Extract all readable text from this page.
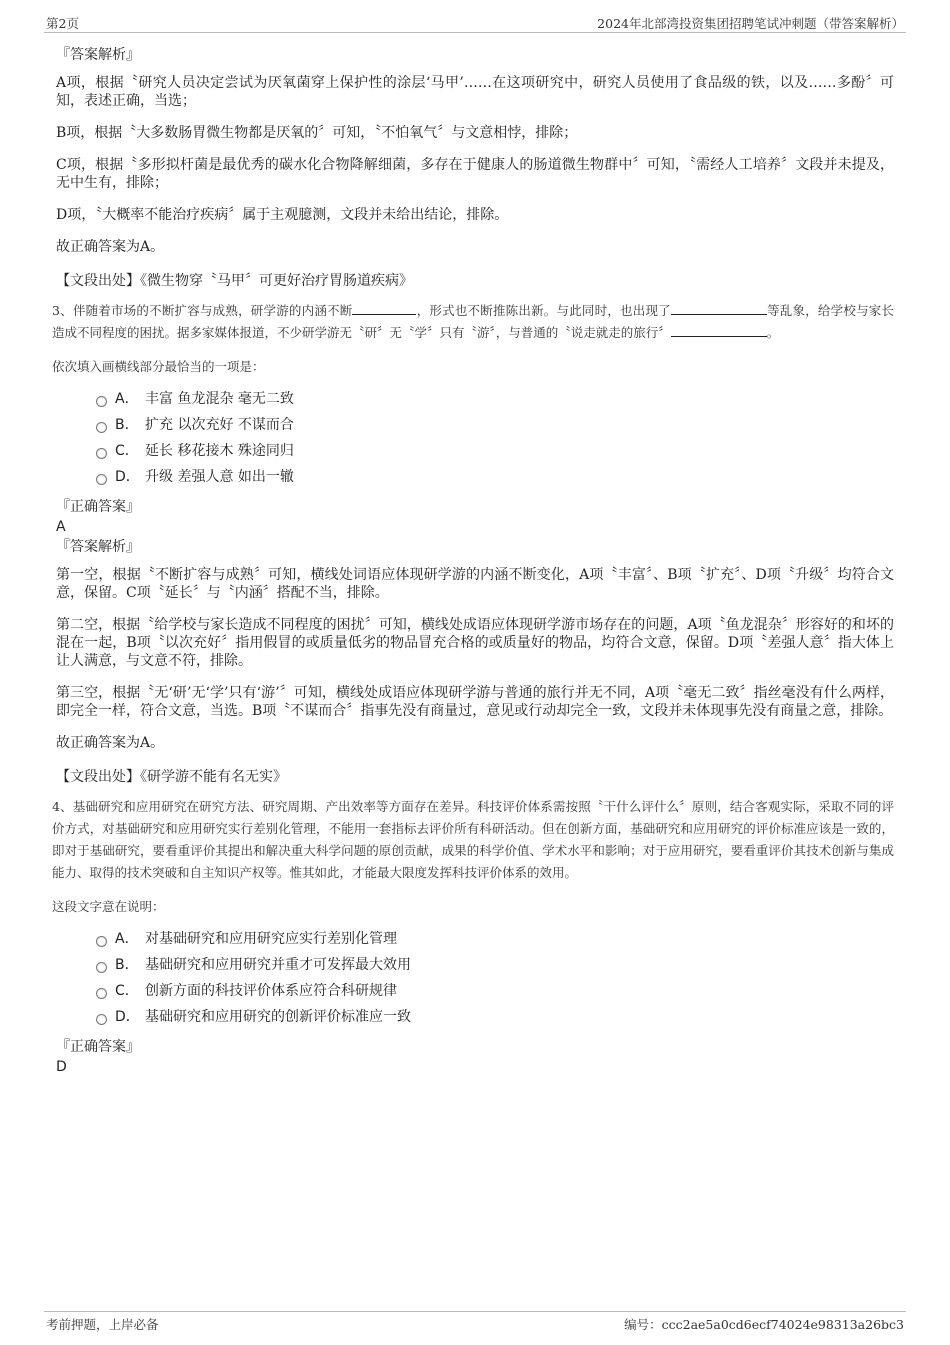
第2页	2024年北部湾投资集团招聘笔试冲刺题（带答案解析）
『答案解析』

A项，根据〝研究人员决定尝试为厌氧菌穿上保护性的涂层‘马甲’……在这项研究中，研究人员使用了食品级的铁，以及……多酚〞可知，表述正确，当选；

B项，根据〝大多数肠胃微生物都是厌氧的〞可知，〝不怕氧气〞与文意相悖，排除；

C项，根据〝多形拟杆菌是最优秀的碳水化合物降解细菌，多存在于健康人的肠道微生物群中〞可知，〝需经人工培养〞文段并未提及，无中生有，排除；

D项，〝大概率不能治疗疾病〞属于主观臆测，文段并未给出结论，排除。

故正确答案为A。

【文段出处】《微生物穿〝马甲〞可更好治疗胃肠道疾病》

3、伴随着市场的不断扩容与成熟，研学游的内涵不断	，形式也不断推陈出新。与此同时，也出现了	等乱象，给学校与家长造成不同程度的困扰。据多家媒体报道，不少研学游无〝研〞无〝学〞只有〝游〞，与普通的〝说走就走的旅行〞	。

依次填入画横线部分最恰当的一项是：

A． 丰富 鱼龙混杂 毫无二致
B． 扩充 以次充好 不谋而合
C． 延长 移花接木 殊途同归
D． 升级 差强人意 如出一辙
『正确答案』
A
『答案解析』

第一空，根据〝不断扩容与成熟〞可知，横线处词语应体现研学游的内涵不断变化，A项〝丰富〞、B项〝扩充〞、D项〝升级〞均符合文意，保留。C项〝延长〞与〝内涵〞搭配不当，排除。

第二空，根据〝给学校与家长造成不同程度的困扰〞可知，横线处成语应体现研学游市场存在的问题，A项〝鱼龙混杂〞形容好的和坏的混在一起，B项〝以次充好〞指用假冒的或质量低劣的物品冒充合格的或质量好的物品，均符合文意，保留。D项〝差强人意〞指大体上让人满意，与文意不符，排除。

第三空，根据〝无‘研’无‘学’只有‘游’〞可知，横线处成语应体现研学游与普通的旅行并无不同，A项〝毫无二致〞指丝毫没有什么两样，即完全一样，符合文意，当选。B项〝不谋而合〞指事先没有商量过，意见或行动却完全一致，文段并未体现事先没有商量之意，排除。

故正确答案为A。

【文段出处】《研学游不能有名无实》

4、基础研究和应用研究在研究方法、研究周期、产出效率等方面存在差异。科技评价体系需按照〝干什么评什么〞原则，结合客观实际，采取不同的评价方式，对基础研究和应用研究实行差别化管理，不能用一套指标去评价所有科研活动。但在创新方面，基础研究和应用研究的评价标准应该是一致的，即对于基础研究，要看重评价其提出和解决重大科学问题的原创贡献，成果的科学价值、学术水平和影响；对于应用研究，要看重评价其技术创新与集成能力、取得的技术突破和自主知识产权等。惟其如此，才能最大限度发挥科技评价体系的效用。

这段文字意在说明：

A． 对基础研究和应用研究应实行差别化管理
B． 基础研究和应用研究并重才可发挥最大效用
C． 创新方面的科技评价体系应符合科研规律
D． 基础研究和应用研究的创新评价标准应一致
『正确答案』
D
考前押题，上岸必备	编号：ccc2ae5a0cd6ecf74024e98313a26bc3
